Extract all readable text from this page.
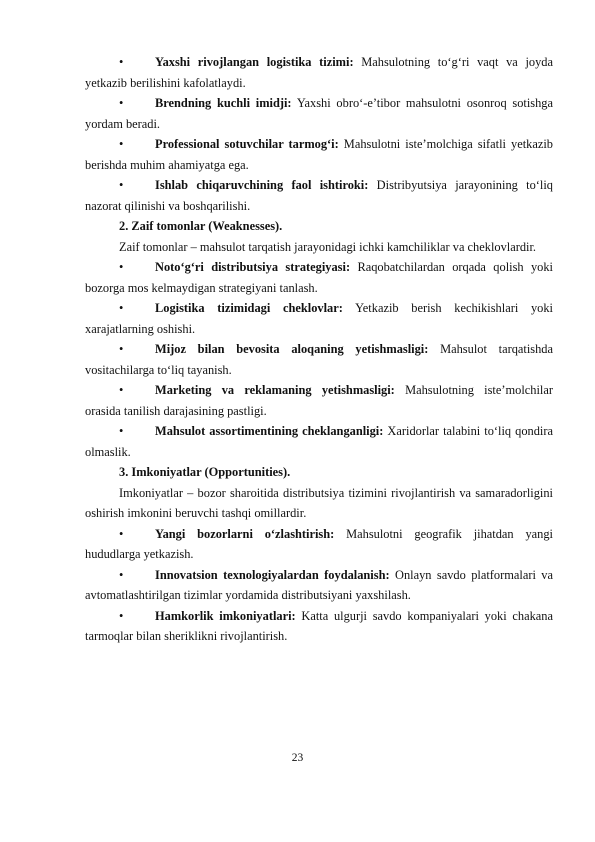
•	Yaxshi rivojlangan logistika tizimi: Mahsulotning to‘g‘ri vaqt va joyda yetkazib berilishini kafolatlaydi.
•	Brendning kuchli imidji: Yaxshi obro‘-e’tibor mahsulotni osonroq sotishga yordam beradi.
•	Professional sotuvchilar tarmog‘i: Mahsulotni iste’molchiga sifatli yetkazib berishda muhim ahamiyatga ega.
•	Ishlab chiqaruvchining faol ishtiroki: Distribyutsiya jarayonining to‘liq nazorat qilinishi va boshqarilishi.
2. Zaif tomonlar (Weaknesses).
Zaif tomonlar – mahsulot tarqatish jarayonidagi ichki kamchiliklar va cheklovlardir.
•	Noto‘g‘ri distributsiya strategiyasi: Raqobatchilardan orqada qolish yoki bozorga mos kelmaydigan strategiyani tanlash.
•	Logistika tizimidagi cheklovlar: Yetkazib berish kechikishlari yoki xarajatlarning oshishi.
•	Mijoz bilan bevosita aloqaning yetishmasligi: Mahsulot tarqatishda vositachilarga to‘liq tayanish.
•	Marketing va reklamaning yetishmasligi: Mahsulotning iste’molchilar orasida tanilish darajasining pastligi.
•	Mahsulot assortimentining cheklanganligi: Xaridorlar talabini to‘liq qondira olmaslik.
3. Imkoniyatlar (Opportunities).
Imkoniyatlar – bozor sharoitida distributsiya tizimini rivojlantirish va samaradorligini oshirish imkonini beruvchi tashqi omillardir.
•	Yangi bozorlarni o‘zlashtirish: Mahsulotni geografik jihatdan yangi hududlarga yetkazish.
•	Innovatsion texnologiyalardan foydalanish: Onlayn savdo platformalari va avtomatlashtirilgan tizimlar yordamida distributsiyani yaxshilash.
•	Hamkorlik imkoniyatlari: Katta ulgurji savdo kompaniyalari yoki chakana tarmoqlar bilan sheriklikni rivojlantirish.
23
